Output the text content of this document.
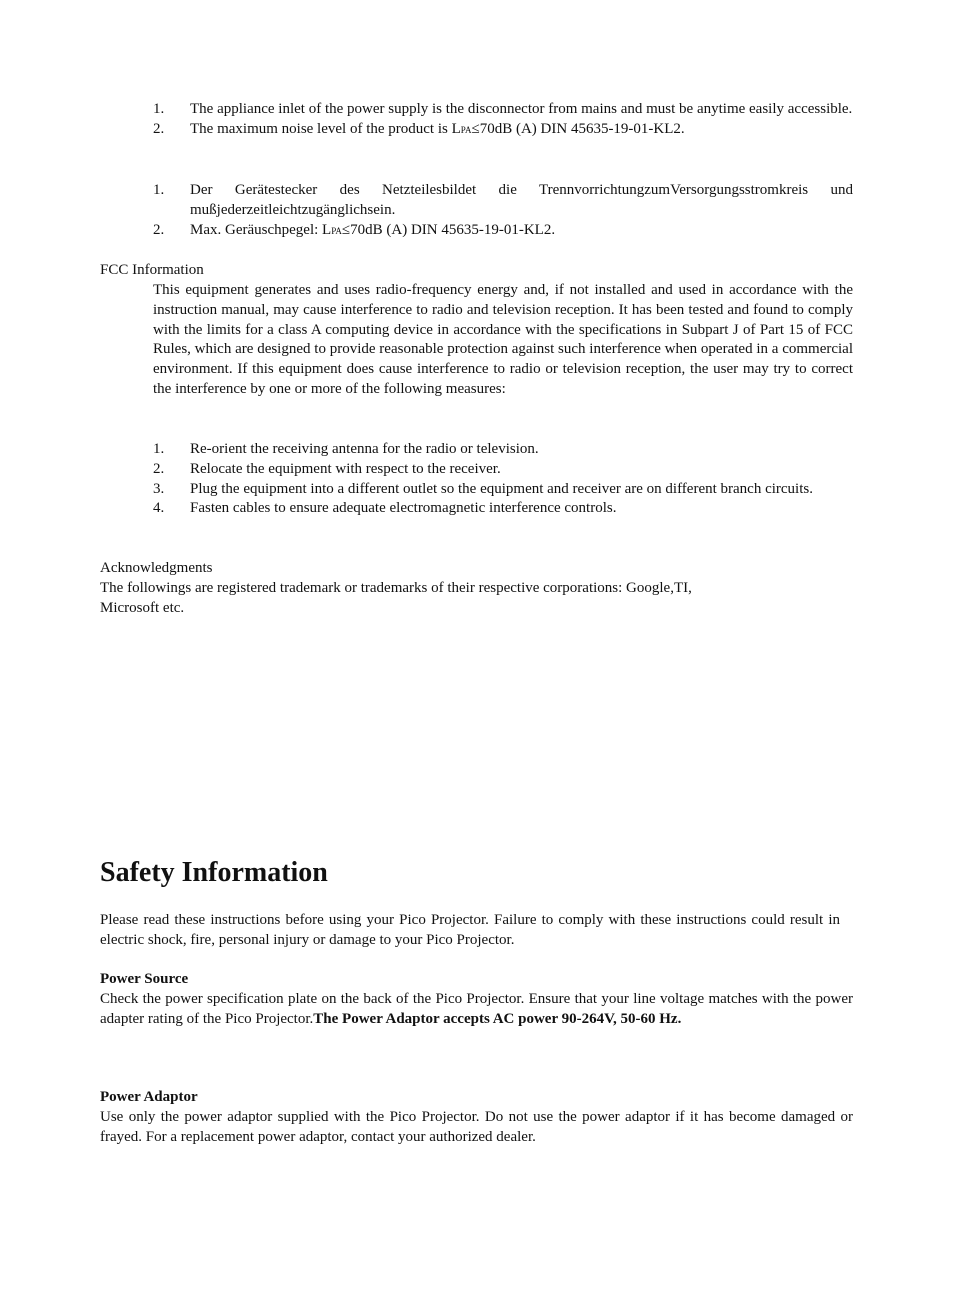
1.	The appliance inlet of the power supply is the disconnector from mains and must be anytime easily accessible.
2.	The maximum noise level of the product is LPA≤70dB (A) DIN 45635-19-01-KL2.
1.	Der Gerätestecker des Netzteilesbildet die TrennvorrichtungzumVersorgungsstromkreis und mußjederzeitleichtzugänglichsein.
2.	Max. Geräuschpegel: LPA≤70dB (A) DIN 45635-19-01-KL2.
FCC Information
This equipment generates and uses radio-frequency energy and, if not installed and used in accordance with the instruction manual, may cause interference to radio and television reception. It has been tested and found to comply with the limits for a class A computing device in accordance with the specifications in Subpart J of Part 15 of FCC Rules, which are designed to provide reasonable protection against such interference when operated in a commercial environment. If this equipment does cause interference to radio or television reception, the user may try to correct the interference by one or more of the following measures:
1.	Re-orient the receiving antenna for the radio or television.
2.	Relocate the equipment with respect to the receiver.
3.	Plug the equipment into a different outlet so the equipment and receiver are on different branch circuits.
4.	Fasten cables to ensure adequate electromagnetic interference controls.
Acknowledgments
The followings are registered trademark or trademarks of their respective corporations: Google,TI,
Microsoft etc.
Safety Information
Please read these instructions before using your Pico Projector. Failure to comply with these instructions could result in electric shock, fire, personal injury or damage to your Pico Projector.
Power Source
Check the power specification plate on the back of the Pico Projector. Ensure that your line voltage matches with the power adapter rating of the Pico Projector.The Power Adaptor accepts AC power 90-264V, 50-60 Hz.
Power Adaptor
Use only the power adaptor supplied with the Pico Projector. Do not use the power adaptor if it has become damaged or frayed. For a replacement power adaptor, contact your authorized dealer.
